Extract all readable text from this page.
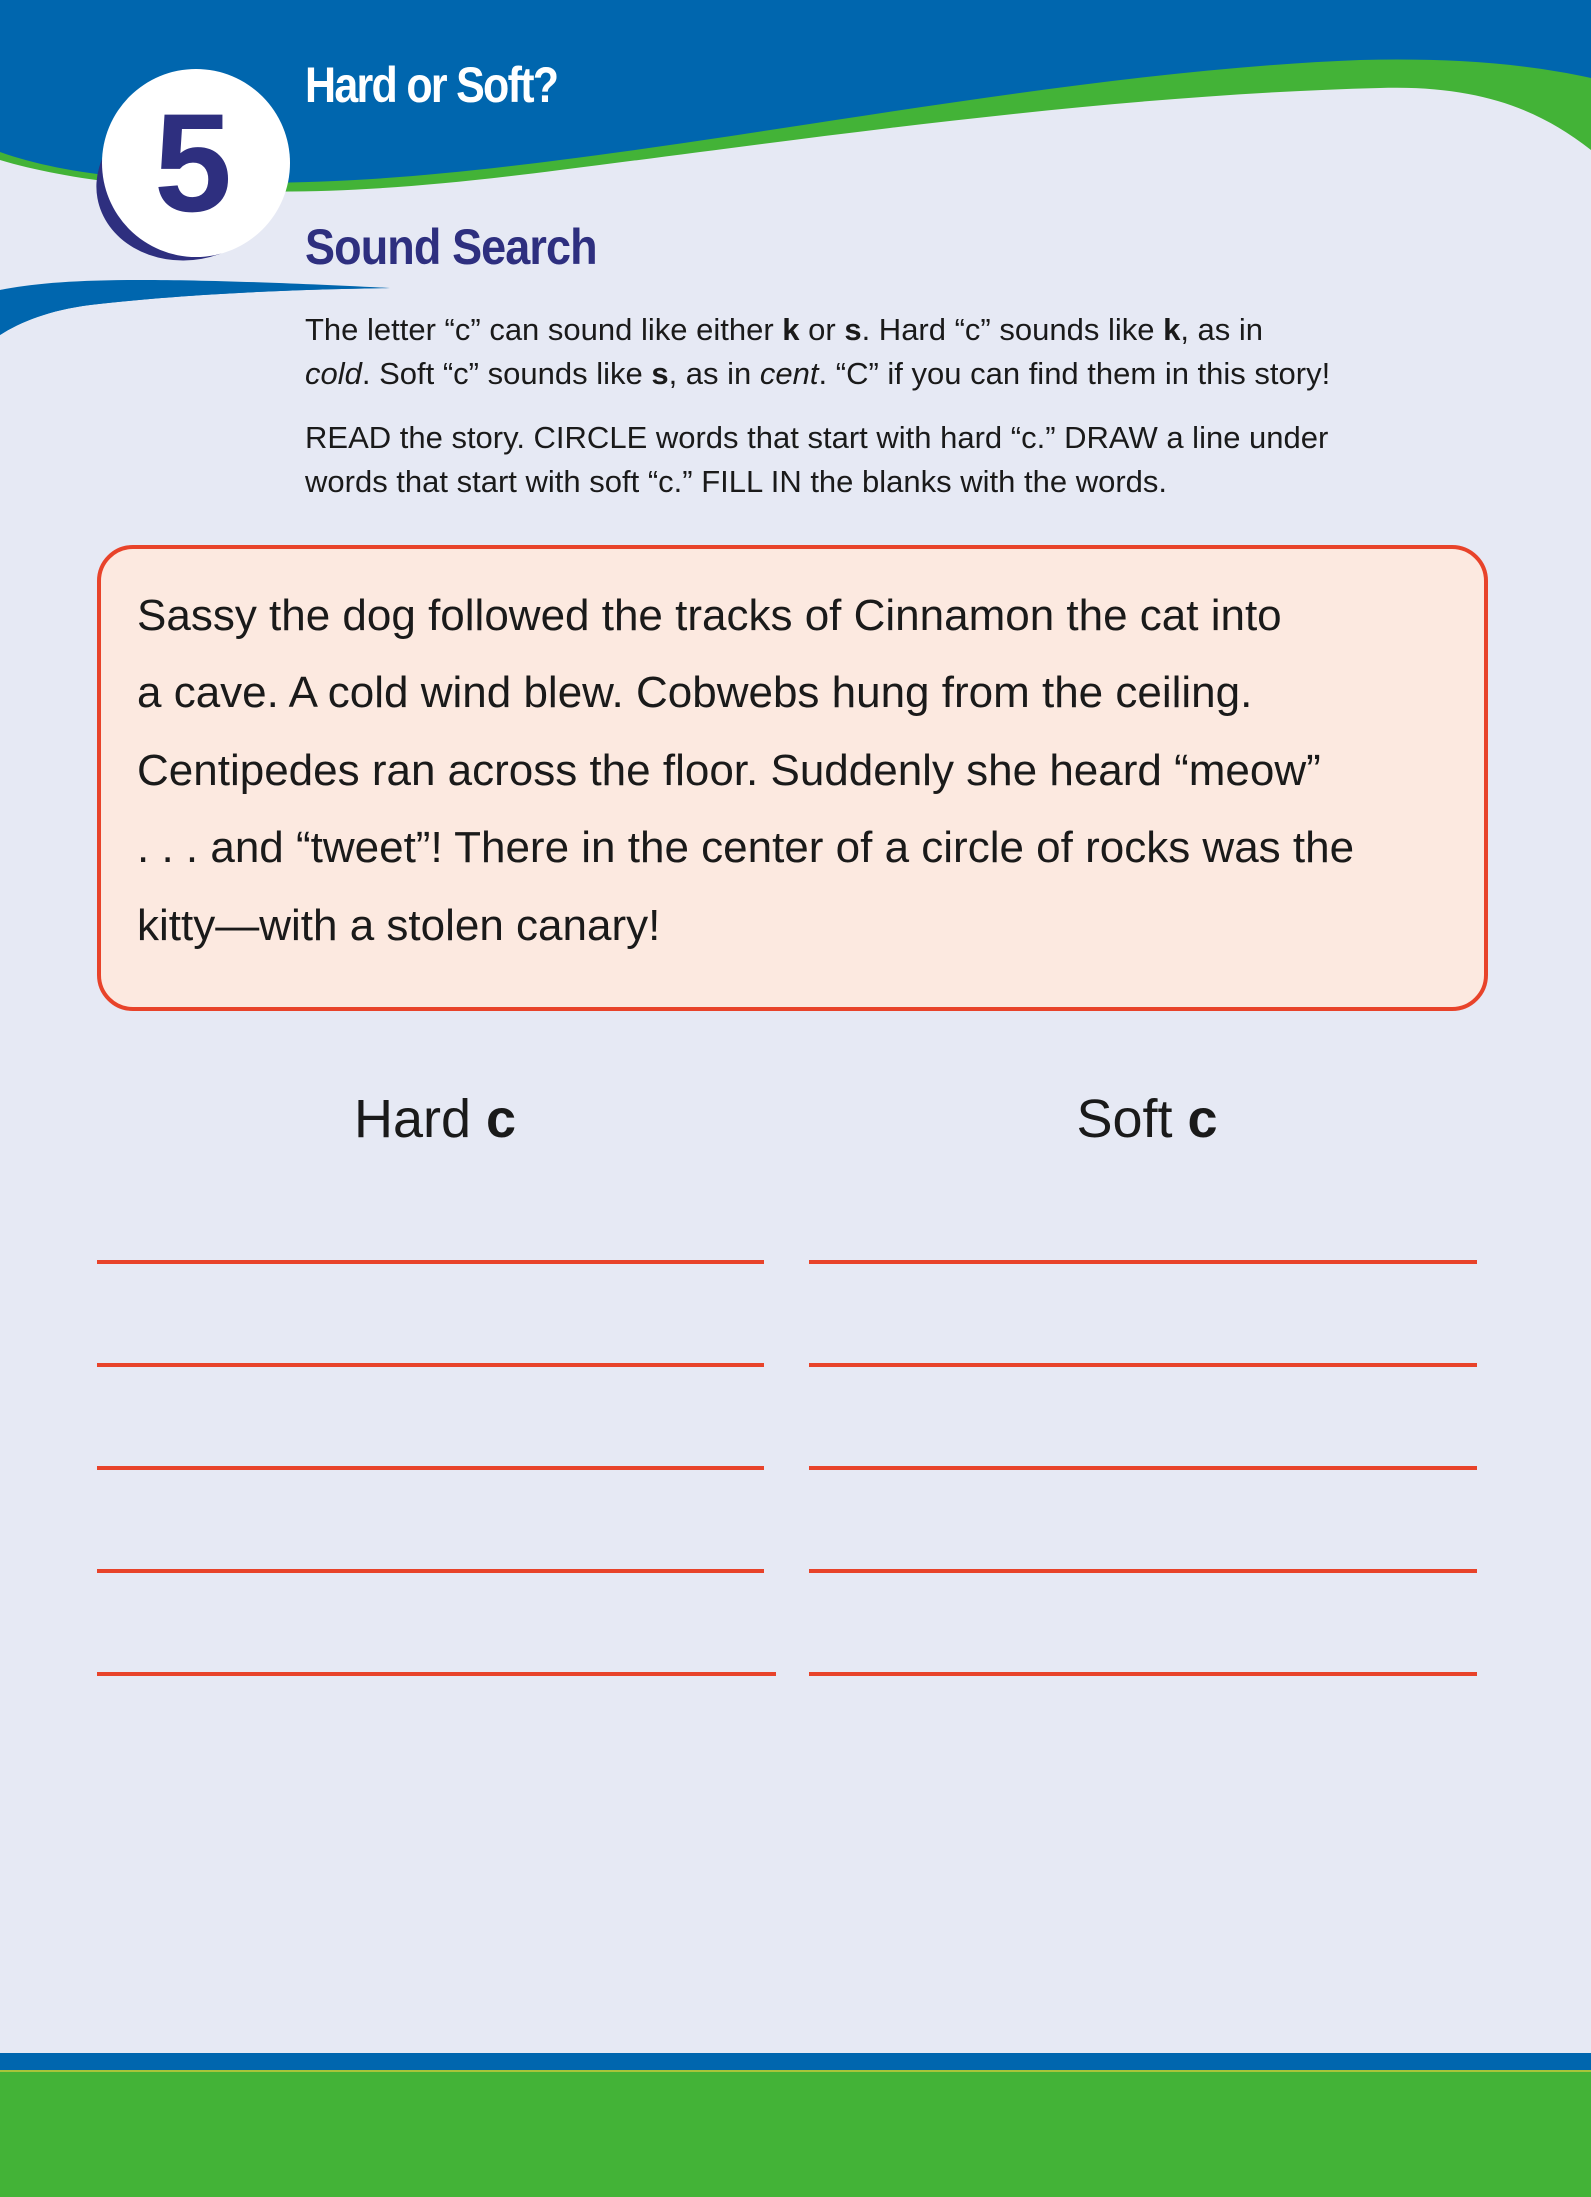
5	Hard or Soft?
Sound Search
The letter “c” can sound like either k or s. Hard “c” sounds like k, as in
cold. Soft “c” sounds like s, as in cent. “C” if you can find them in this story!
READ the story. CIRCLE words that start with hard “c.” DRAW a line under
words that start with soft “c.” FILL IN the blanks with the words.
Sassy the dog followed the tracks of Cinnamon the cat into
a cave. A cold wind blew. Cobwebs hung from the ceiling.
Centipedes ran across the floor. Suddenly she heard “meow”
. . . and “tweet”! There in the center of a circle of rocks was the
kitty—with a stolen canary!
Hard c	Soft c
